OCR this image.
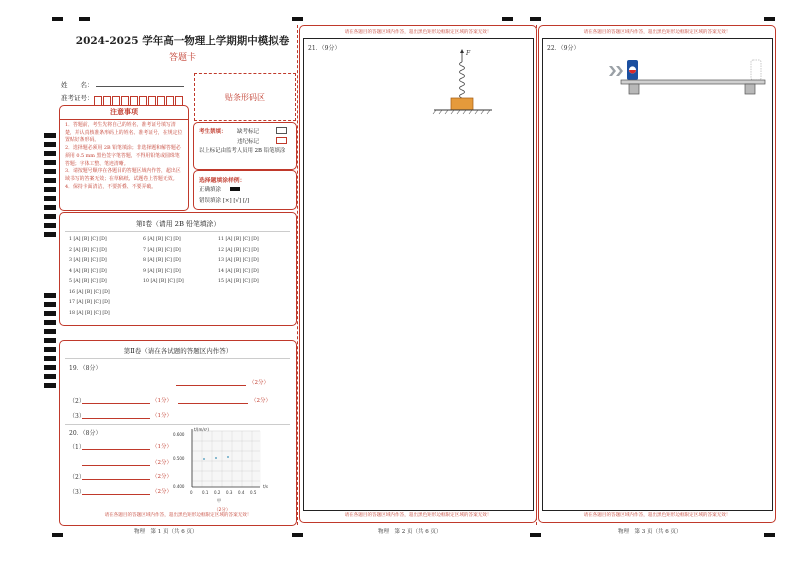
2024-2025 学年高一物理上学期期中模拟卷
答题卡
姓　　名：
准考证号：	贴条形码区
注意事项
1．答题前，考生先将自己的姓名，准考证号填写清楚，并认真核准条形码上的姓名、准考证号，在规定位置贴好条形码。
2．选择题必须用 2B 铅笔填涂；非选择题和解答题必须用 0.5 mm 黑色签字笔答题，不得用铅笔或圆珠笔答题；字体工整、笔迹清晰。
3．请按题号顺序在各题目的答题区域内作答，超出区域书写的答案无效；在草稿纸、试题卷上答题无效。
4．保持卡面清洁，不要折叠、不要弄破。
考生禁填： 缺考标记
违纪标记
以上标记由监考人员用 2B 铅笔填涂
选择题填涂样例：
正确填涂
错误填涂 [×] [√] [/]
第Ⅰ卷（请用 2B 铅笔填涂）
1 [A] [B] [C] [D]	6 [A] [B] [C] [D]	11 [A] [B] [C] [D]
2 [A] [B] [C] [D]	7 [A] [B] [C] [D]	12 [A] [B] [C] [D]
3 [A] [B] [C] [D]	8 [A] [B] [C] [D]	13 [A] [B] [C] [D]
4 [A] [B] [C] [D]	9 [A] [B] [C] [D]	14 [A] [B] [C] [D]
5 [A] [B] [C] [D]	10 [A] [B] [C] [D]	15 [A] [B] [C] [D]
16 [A] [B] [C] [D]
17 [A] [B] [C] [D]
18 [A] [B] [C] [D]
第Ⅱ卷（请在各试题的答题区内作答）
19．（8分）
（2分）
（2）	（1分）	（2分）
（3）	（1分）
20．（8分）
（1）	（1分）
（2分）
（2）	（2分）
（3）	（2分）
t/(m/s²)
t/s
0.600
0.500
0.400
0 0.1 0.2 0.3 0.4 0.5
甲
（2分）
请在各题目的答题区域内作答，超出黑色矩形边框限定区域的答案无效！
物理　第 1 页（共 6 页）
请在各题目的答题区域内作答，超出黑色矩形边框限定区域的答案无效！
21．（9分）
F
请在各题目的答题区域内作答，超出黑色矩形边框限定区域的答案无效！
物理　第 2 页（共 6 页）
请在各题目的答题区域内作答，超出黑色矩形边框限定区域的答案无效！
22．（9分）
请在各题目的答题区域内作答，超出黑色矩形边框限定区域的答案无效！
物理　第 3 页（共 6 页）
